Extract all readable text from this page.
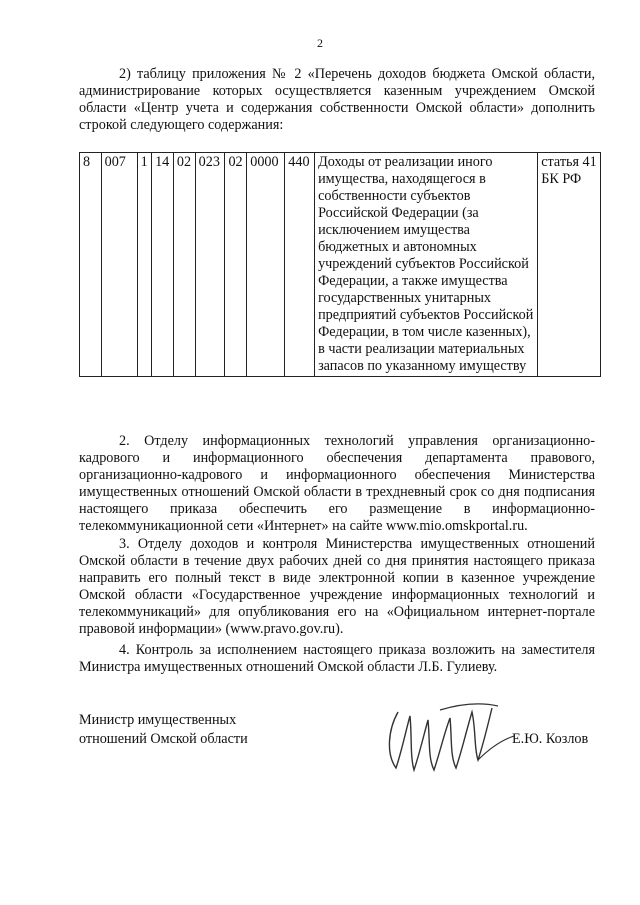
2

2) таблицу приложения № 2 «Перечень доходов бюджета Омской области, администрирование которых осуществляется казенным учреждением Омской области «Центр учета и содержания собственности Омской области» дополнить строкой следующего содержания:

8	007	1	14	02	023	02	0000	440	Доходы от реализации иного имущества, находящегося в собственности субъектов Российской Федерации (за исключением имущества бюджетных и автономных учреждений субъектов Российской Федерации, а также имущества государственных унитарных предприятий субъектов Российской Федерации, в том числе казенных), в части реализации материальных запасов по указанному имуществу	статья 41 БК РФ

2. Отделу информационных технологий управления организационно-кадрового и информационного обеспечения департамента правового, организационно-кадрового и информационного обеспечения Министерства имущественных отношений Омской области в трехдневный срок со дня подписания настоящего приказа обеспечить его размещение в информационно-телекоммуникационной сети «Интернет» на сайте www.mio.omskportal.ru.

3. Отделу доходов и контроля Министерства имущественных отношений Омской области в течение двух рабочих дней со дня принятия настоящего приказа направить его полный текст в виде электронной копии в казенное учреждение Омской области «Государственное учреждение информационных технологий и телекоммуникаций» для опубликования его на «Официальном интернет-портале правовой информации» (www.pravo.gov.ru).

4. Контроль за исполнением настоящего приказа возложить на заместителя Министра имущественных отношений Омской области Л.Б. Гулиеву.

Министр имущественных
отношений Омской области	Е.Ю. Козлов
